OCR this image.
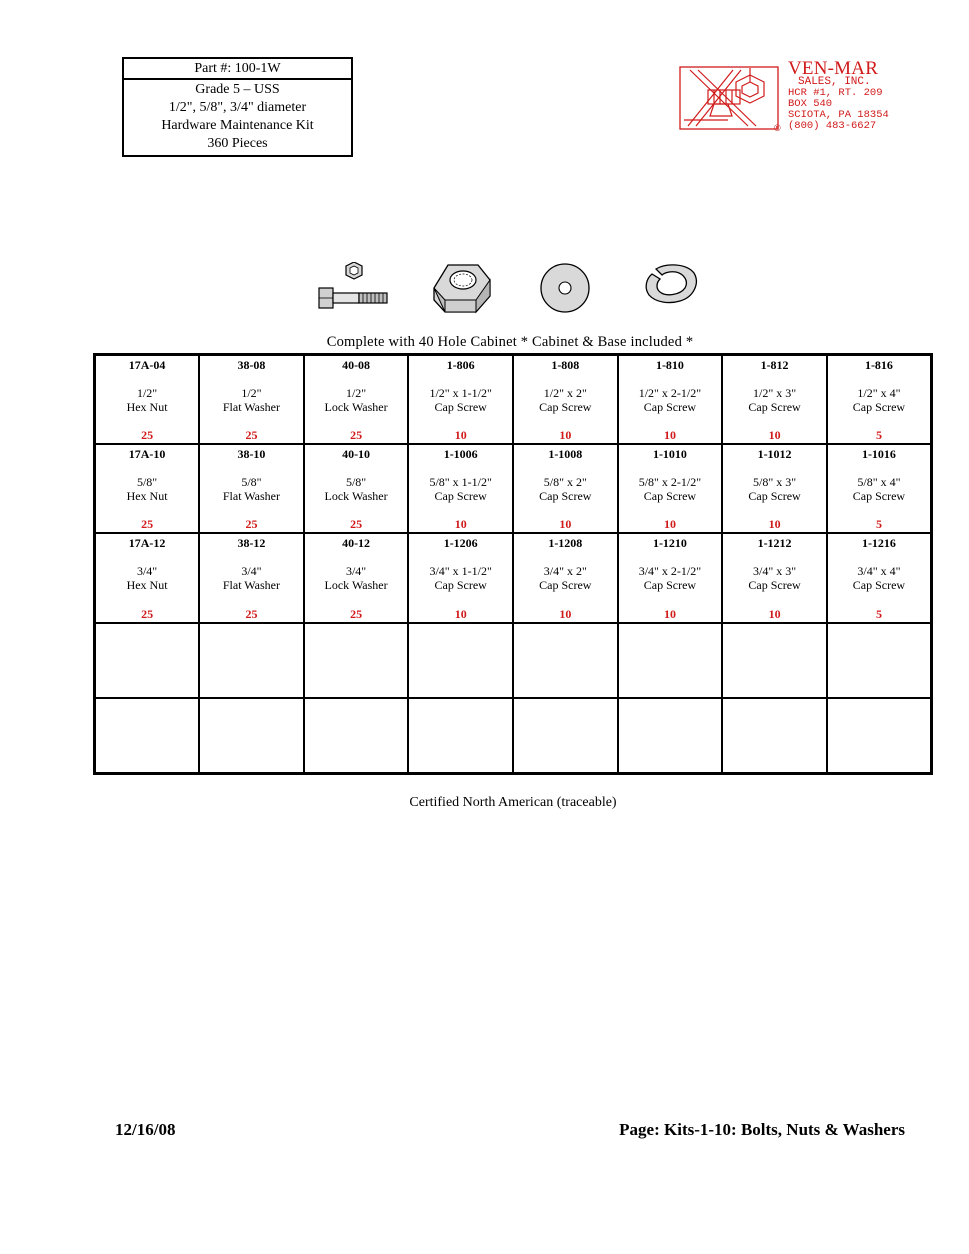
Part #: 100-1W
Grade 5 – USS
1/2", 5/8", 3/4" diameter
Hardware Maintenance Kit
360 Pieces
®
VEN-MAR
SALES, INC.
HCR #1, RT. 209
BOX 540
SCIOTA, PA 18354
(800) 483-6627
Complete with 40 Hole Cabinet * Cabinet & Base included *
17A-04
1/2"
Hex Nut
25	38-08
1/2"
Flat Washer
25	40-08
1/2"
Lock Washer
25	1-806
1/2" x 1-1/2"
Cap Screw
10	1-808
1/2" x 2"
Cap Screw
10	1-810
1/2" x 2-1/2"
Cap Screw
10	1-812
1/2" x 3"
Cap Screw
10	1-816
1/2" x 4"
Cap Screw
5

17A-10
5/8"
Hex Nut
25	38-10
5/8"
Flat Washer
25	40-10
5/8"
Lock Washer
25	1-1006
5/8" x 1-1/2"
Cap Screw
10	1-1008
5/8" x 2"
Cap Screw
10	1-1010
5/8" x 2-1/2"
Cap Screw
10	1-1012
5/8" x 3"
Cap Screw
10	1-1016
5/8" x 4"
Cap Screw
5

17A-12
3/4"
Hex Nut
25	38-12
3/4"
Flat Washer
25	40-12
3/4"
Lock Washer
25	1-1206
3/4" x 1-1/2"
Cap Screw
10	1-1208
3/4" x 2"
Cap Screw
10	1-1210
3/4" x 2-1/2"
Cap Screw
10	1-1212
3/4" x 3"
Cap Screw
10	1-1216
3/4" x 4"
Cap Screw
5

Certified North American (traceable)
12/16/08	Page: Kits-1-10: Bolts, Nuts & Washers
